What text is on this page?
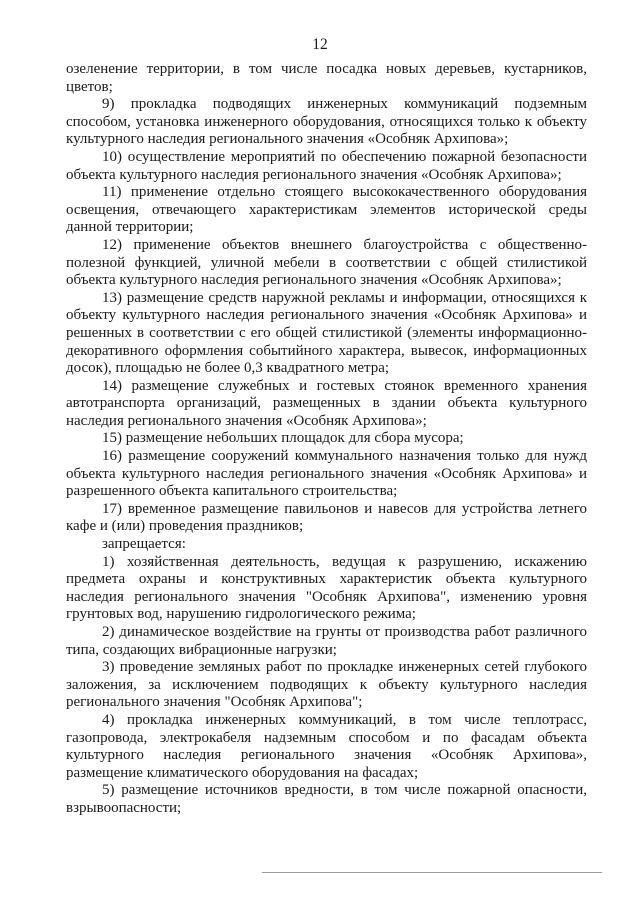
12

озеленение территории, в том числе посадка новых деревьев, кустарников, цветов;

9) прокладка подводящих инженерных коммуникаций подземным способом, установка инженерного оборудования, относящихся только к объекту культурного наследия регионального значения «Особняк Архипова»;

10) осуществление мероприятий по обеспечению пожарной безопасности объекта культурного наследия регионального значения «Особняк Архипова»;

11) применение отдельно стоящего высококачественного оборудования освещения, отвечающего характеристикам элементов исторической среды данной территории;

12) применение объектов внешнего благоустройства с общественно-полезной функцией, уличной мебели в соответствии с общей стилистикой объекта культурного наследия регионального значения «Особняк Архипова»;

13) размещение средств наружной рекламы и информации, относящихся к объекту культурного наследия регионального значения «Особняк Архипова» и решенных в соответствии с его общей стилистикой (элементы информационно-декоративного оформления событийного характера, вывесок, информационных досок), площадью не более 0,3 квадратного метра;

14) размещение служебных и гостевых стоянок временного хранения автотранспорта организаций, размещенных в здании объекта культурного наследия регионального значения «Особняк Архипова»;

15) размещение небольших площадок для сбора мусора;

16) размещение сооружений коммунального назначения только для нужд объекта культурного наследия регионального значения «Особняк Архипова» и разрешенного объекта капитального строительства;

17) временное размещение павильонов и навесов для устройства летнего кафе и (или) проведения праздников;

запрещается:

1) хозяйственная деятельность, ведущая к разрушению, искажению предмета охраны и конструктивных характеристик объекта культурного наследия регионального значения "Особняк Архипова", изменению уровня грунтовых вод, нарушению гидрологического режима;

2) динамическое воздействие на грунты от производства работ различного типа, создающих вибрационные нагрузки;

3) проведение земляных работ по прокладке инженерных сетей глубокого заложения, за исключением подводящих к объекту культурного наследия регионального значения "Особняк Архипова";

4) прокладка инженерных коммуникаций, в том числе теплотрасс, газопровода, электрокабеля надземным способом и по фасадам объекта культурного наследия регионального значения «Особняк Архипова», размещение климатического оборудования на фасадах;

5) размещение источников вредности, в том числе пожарной опасности, взрывоопасности;
